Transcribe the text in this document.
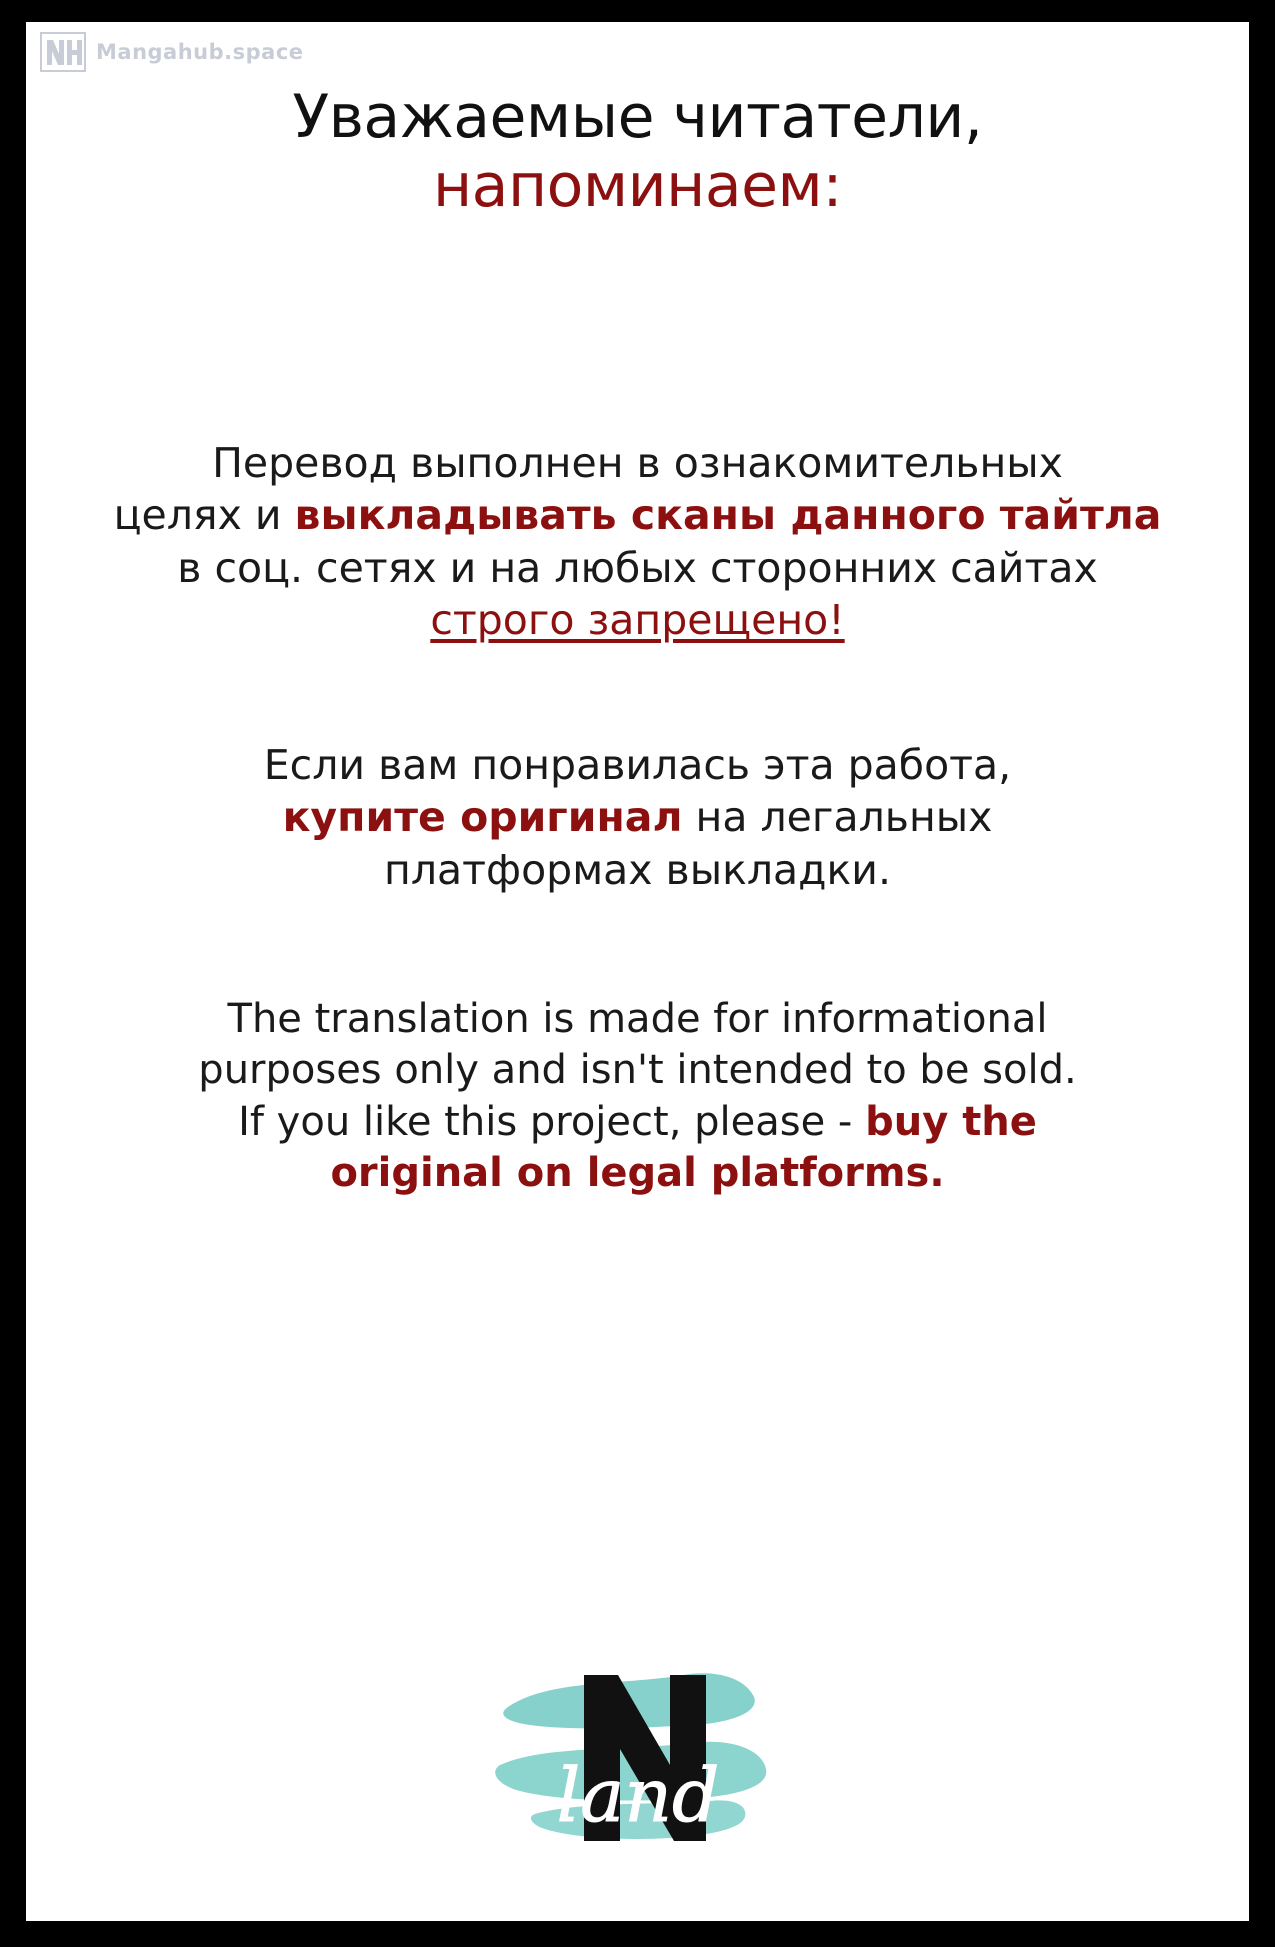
Mangahub.space
Уважаемые читатели,
напоминаем:
Перевод выполнен в ознакомительных
целях и выкладывать сканы данного тайтла
в соц. сетях и на любых сторонних сайтах
строго запрещено!
Если вам понравилась эта работа,
купите оригинал на легальных
платформах выкладки.
The translation is made for informational
purposes only and isn't intended to be sold.
If you like this project, please - buy the
original on legal platforms.
land
